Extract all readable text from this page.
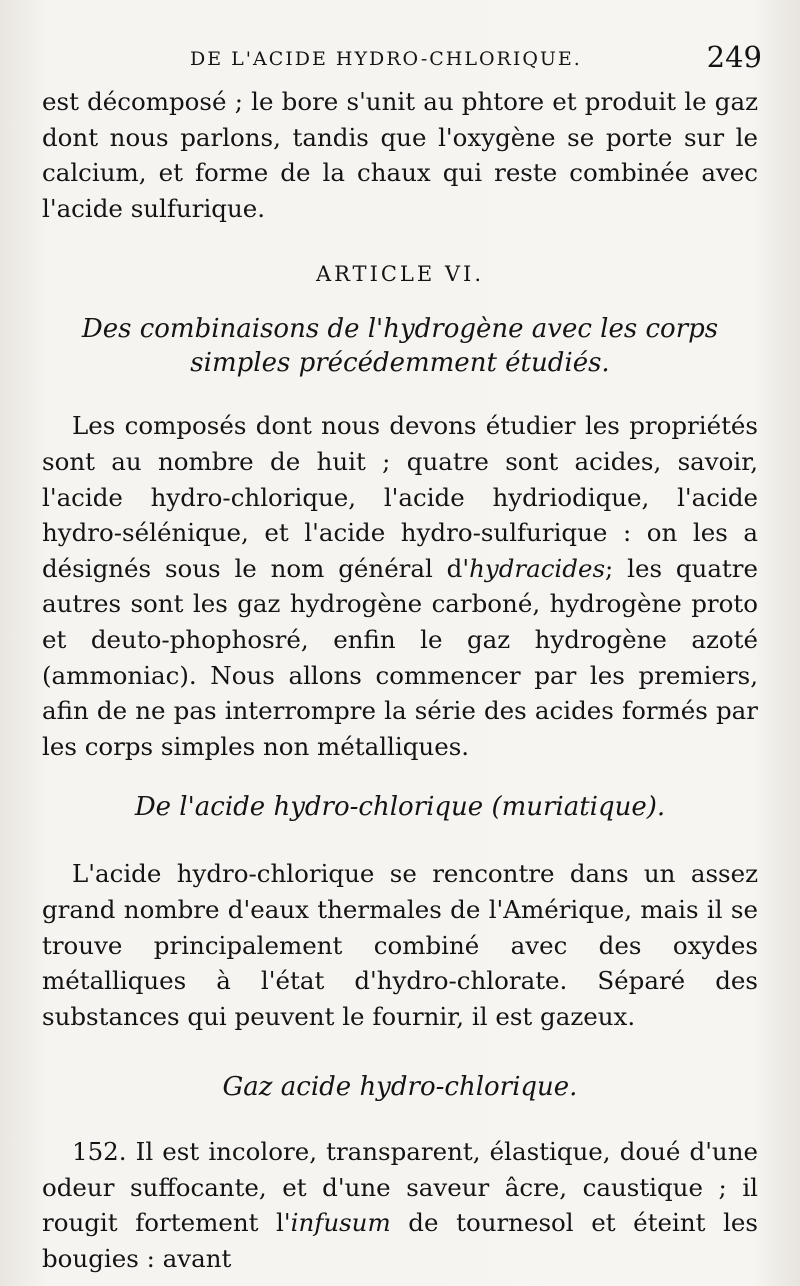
DE L'ACIDE HYDRO-CHLORIQUE.	249

est décomposé ; le bore s'unit au phtore et produit le gaz dont nous parlons, tandis que l'oxygène se porte sur le calcium, et forme de la chaux qui reste combinée avec l'acide sulfurique.

ARTICLE VI.
Des combinaisons de l'hydrogène avec les corps
simples précédemment étudiés.

Les composés dont nous devons étudier les propriétés sont au nombre de huit ; quatre sont acides, savoir, l'acide hydro-chlorique, l'acide hydriodique, l'acide hydro-sélénique, et l'acide hydro-sulfurique : on les a désignés sous le nom général d'hydracides; les quatre autres sont les gaz hydrogène carboné, hydrogène proto et deuto-phophosré, enfin le gaz hydrogène azoté (ammoniac). Nous allons commencer par les premiers, afin de ne pas interrompre la série des acides formés par les corps simples non métalliques.

De l'acide hydro-chlorique (muriatique).

L'acide hydro-chlorique se rencontre dans un assez grand nombre d'eaux thermales de l'Amérique, mais il se trouve principalement combiné avec des oxydes métalliques à l'état d'hydro-chlorate. Séparé des substances qui peuvent le fournir, il est gazeux.

Gaz acide hydro-chlorique.

152. Il est incolore, transparent, élastique, doué d'une odeur suffocante, et d'une saveur âcre, caustique ; il rougit fortement l'infusum de tournesol et éteint les bougies : avant
